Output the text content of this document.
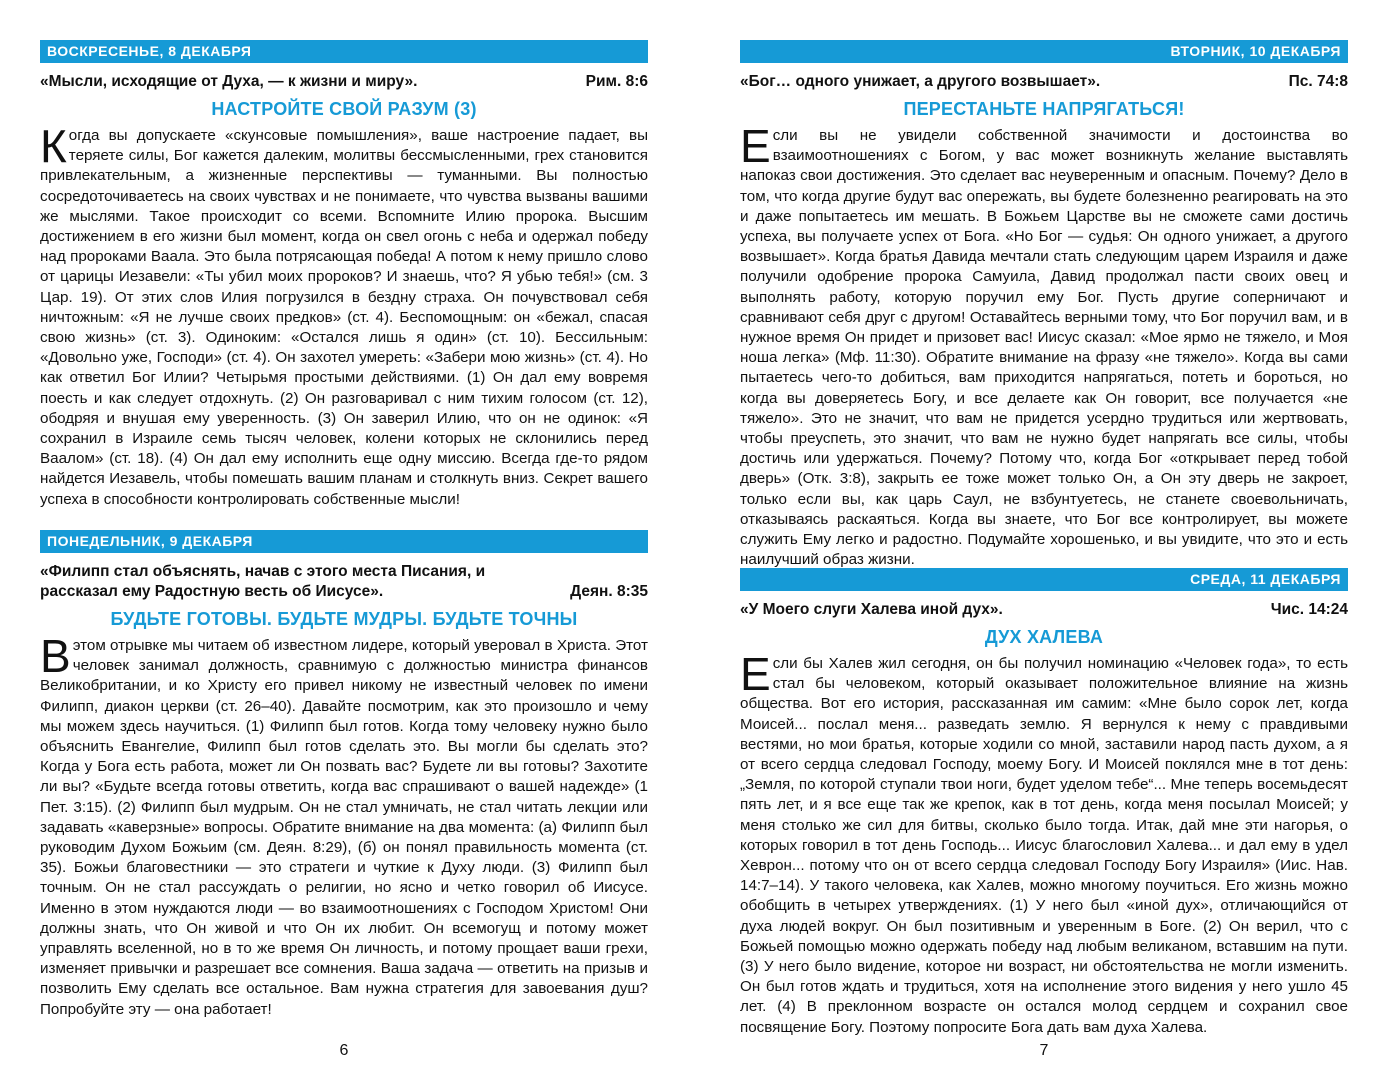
ВОСКРЕСЕНЬЕ, 8 ДЕКАБРЯ
«Мысли, исходящие от Духа, — к жизни и миру».	Рим. 8:6
НАСТРОЙТЕ СВОЙ РАЗУМ (3)

Когда вы допускаете «скунсовые помышления», ваше настроение падает, вы теряете силы, Бог кажется далеким, молитвы бессмысленными, грех становится привлекательным, а жизненные перспективы — туманными. Вы полностью сосредоточиваетесь на своих чувствах и не понимаете, что чувства вызваны вашими же мыслями. Такое происходит со всеми. Вспомните Илию пророка. Высшим достижением в его жизни был момент, когда он свел огонь с неба и одержал победу над пророками Ваала. Это была потрясающая победа! А потом к нему пришло слово от царицы Иезавели: «Ты убил моих пророков? И знаешь, что? Я убью тебя!» (см. 3 Цар. 19). От этих слов Илия погрузился в бездну страха. Он почувствовал себя ничтожным: «Я не лучше своих предков» (ст. 4). Беспомощным: он «бежал, спасая свою жизнь» (ст. 3). Одиноким: «Остался лишь я один» (ст. 10). Бессильным: «Довольно уже, Господи» (ст. 4). Он захотел умереть: «Забери мою жизнь» (ст. 4). Но как ответил Бог Илии? Четырьмя простыми действиями. (1) Он дал ему вовремя поесть и как следует отдохнуть. (2) Он разговаривал с ним тихим голосом (ст. 12), ободряя и внушая ему уверенность. (3) Он заверил Илию, что он не одинок: «Я сохранил в Израиле семь тысяч человек, колени которых не склонились перед Ваалом» (ст. 18). (4) Он дал ему исполнить еще одну миссию. Всегда где-то рядом найдется Иезавель, чтобы помешать вашим планам и столкнуть вниз. Секрет вашего успеха в способности контролировать собственные мысли!

ПОНЕДЕЛЬНИК, 9 ДЕКАБРЯ
«Филипп стал объяснять, начав с этого места Писания, и рассказал ему Радостную весть об Иисусе».	Деян. 8:35
БУДЬТЕ ГОТОВЫ. БУДЬТЕ МУДРЫ. БУДЬТЕ ТОЧНЫ

Вэтом отрывке мы читаем об известном лидере, который уверовал в Христа. Этот человек занимал должность, сравнимую с должностью министра финансов Великобритании, и ко Христу его привел никому не известный человек по имени Филипп, диакон церкви (ст. 26–40). Давайте посмотрим, как это произошло и чему мы можем здесь научиться. (1) Филипп был готов. Когда тому человеку нужно было объяснить Евангелие, Филипп был готов сделать это. Вы могли бы сделать это? Когда у Бога есть работа, может ли Он позвать вас? Будете ли вы готовы? Захотите ли вы? «Будьте всегда готовы ответить, когда вас спрашивают о вашей надежде» (1 Пет. 3:15). (2) Филипп был мудрым. Он не стал умничать, не стал читать лекции или задавать «каверзные» вопросы. Обратите внимание на два момента: (а) Филипп был руководим Духом Божьим (см. Деян. 8:29), (б) он понял правильность момента (ст. 35). Божьи благовестники — это стратеги и чуткие к Духу люди. (3) Филипп был точным. Он не стал рассуждать о религии, но ясно и четко говорил об Иисусе. Именно в этом нуждаются люди — во взаимоотношениях с Господом Христом! Они должны знать, что Он живой и что Он их любит. Он всемогущ и потому может управлять вселенной, но в то же время Он личность, и потому прощает ваши грехи, изменяет привычки и разрешает все сомнения. Ваша задача — ответить на призыв и позволить Ему сделать все остальное. Вам нужна стратегия для завоевания душ? Попробуйте эту — она работает!

6
ВТОРНИК, 10 ДЕКАБРЯ
«Бог… одного унижает, а другого возвышает».	Пс. 74:8
ПЕРЕСТАНЬТЕ НАПРЯГАТЬСЯ!

Если вы не увидели собственной значимости и достоинства во взаимоотношениях с Богом, у вас может возникнуть желание выставлять напоказ свои достижения. Это сделает вас неуверенным и опасным. Почему? Дело в том, что когда другие будут вас опережать, вы будете болезненно реагировать на это и даже попытаетесь им мешать. В Божьем Царстве вы не сможете сами достичь успеха, вы получаете успех от Бога. «Но Бог — судья: Он одного унижает, а другого возвышает». Когда братья Давида мечтали стать следующим царем Израиля и даже получили одобрение пророка Самуила, Давид продолжал пасти своих овец и выполнять работу, которую поручил ему Бог. Пусть другие соперничают и сравнивают себя друг с другом! Оставайтесь верными тому, что Бог поручил вам, и в нужное время Он придет и призовет вас! Иисус сказал: «Мое ярмо не тяжело, и Моя ноша легка» (Мф. 11:30). Обратите внимание на фразу «не тяжело». Когда вы сами пытаетесь чего-то добиться, вам приходится напрягаться, потеть и бороться, но когда вы доверяетесь Богу, и все делаете как Он говорит, все получается «не тяжело». Это не значит, что вам не придется усердно трудиться или жертвовать, чтобы преуспеть, это значит, что вам не нужно будет напрягать все силы, чтобы достичь или удержаться. Почему? Потому что, когда Бог «открывает перед тобой дверь» (Отк. 3:8), закрыть ее тоже может только Он, а Он эту дверь не закроет, только если вы, как царь Саул, не взбунтуетесь, не станете своевольничать, отказываясь раскаяться. Когда вы знаете, что Бог все контролирует, вы можете служить Ему легко и радостно. Подумайте хорошенько, и вы увидите, что это и есть наилучший образ жизни.

СРЕДА, 11 ДЕКАБРЯ
«У Моего слуги Халева иной дух».	Чис. 14:24
ДУХ ХАЛЕВА

Если бы Халев жил сегодня, он бы получил номинацию «Человек года», то есть стал бы человеком, который оказывает положительное влияние на жизнь общества. Вот его история, рассказанная им самим: «Мне было сорок лет, когда Моисей... послал меня... разведать землю. Я вернулся к нему с правдивыми вестями, но мои братья, которые ходили со мной, заставили народ пасть духом, а я от всего сердца следовал Господу, моему Богу. И Моисей поклялся мне в тот день: „Земля, по которой ступали твои ноги, будет уделом тебе“... Мне теперь восемьдесят пять лет, и я все еще так же крепок, как в тот день, когда меня посылал Моисей; у меня столько же сил для битвы, сколько было тогда. Итак, дай мне эти нагорья, о которых говорил в тот день Господь... Иисус благословил Халева... и дал ему в удел Хеврон... потому что он от всего сердца следовал Господу Богу Израиля» (Иис. Нав. 14:7–14). У такого человека, как Халев, можно многому поучиться. Его жизнь можно обобщить в четырех утверждениях. (1) У него был «иной дух», отличающийся от духа людей вокруг. Он был позитивным и уверенным в Боге. (2) Он верил, что с Божьей помощью можно одержать победу над любым великаном, вставшим на пути. (3) У него было видение, которое ни возраст, ни обстоятельства не могли изменить. Он был готов ждать и трудиться, хотя на исполнение этого видения у него ушло 45 лет. (4) В преклонном возрасте он остался молод сердцем и сохранил свое посвящение Богу. Поэтому попросите Бога дать вам духа Халева.

7
